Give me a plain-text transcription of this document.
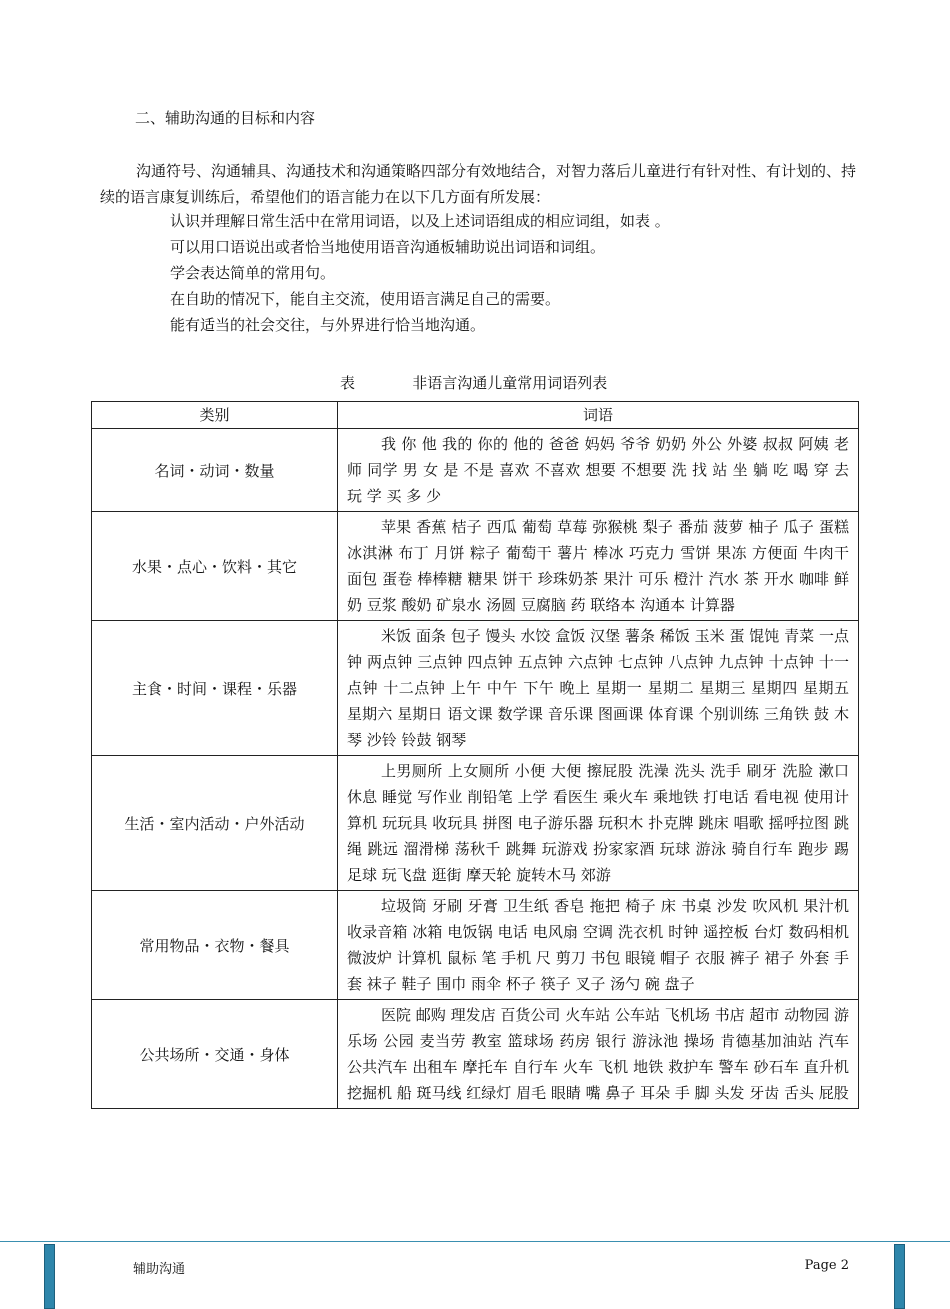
二、辅助沟通的目标和内容
沟通符号、沟通辅具、沟通技术和沟通策略四部分有效地结合，对智力落后儿童进行有针对性、有计划的、持续的语言康复训练后，希望他们的语言能力在以下几方面有所发展：
认识并理解日常生活中在常用词语，以及上述词语组成的相应词组，如表 。
可以用口语说出或者恰当地使用语音沟通板辅助说出词语和词组。
学会表达简单的常用句。
在自助的情况下，能自主交流，使用语言满足自己的需要。
能有适当的社会交往，与外界进行恰当地沟通。
表            非语言沟通儿童常用词语列表
类别	词语
名词・动词・数量	我 你 他 我的 你的 他的 爸爸 妈妈 爷爷 奶奶 外公 外婆 叔叔 阿姨 老师 同学 男 女 是 不是 喜欢 不喜欢 想要 不想要 洗 找 站 坐 躺 吃 喝 穿 去 玩 学 买 多 少
水果・点心・饮料・其它	苹果 香蕉 桔子 西瓜 葡萄 草莓 弥猴桃 梨子 番茄 菠萝 柚子 瓜子 蛋糕 冰淇淋 布丁 月饼 粽子 葡萄干 薯片 棒冰 巧克力 雪饼 果冻 方便面 牛肉干 面包 蛋卷 棒棒糖 糖果 饼干 珍珠奶茶 果汁 可乐 橙汁 汽水 茶 开水 咖啡 鲜奶 豆浆 酸奶 矿泉水 汤圆 豆腐脑 药 联络本 沟通本 计算器
主食・时间・课程・乐器	米饭 面条 包子 馒头 水饺 盒饭 汉堡 薯条 稀饭 玉米 蛋 馄饨 青菜 一点钟 两点钟 三点钟 四点钟 五点钟 六点钟 七点钟 八点钟 九点钟 十点钟 十一点钟 十二点钟 上午 中午 下午 晚上 星期一 星期二 星期三 星期四 星期五 星期六 星期日 语文课 数学课 音乐课 图画课 体育课 个别训练 三角铁 鼓 木琴 沙铃 铃鼓 钢琴
生活・室内活动・户外活动	上男厕所 上女厕所 小便 大便 擦屁股 洗澡 洗头 洗手 刷牙 洗脸 漱口 休息 睡觉 写作业 削铅笔 上学 看医生 乘火车 乘地铁 打电话 看电视 使用计算机 玩玩具 收玩具 拼图 电子游乐器 玩积木 扑克牌 跳床 唱歌 摇呼拉图 跳绳 跳远 溜滑梯 荡秋千 跳舞 玩游戏 扮家家酒 玩球 游泳 骑自行车 跑步 踢足球 玩飞盘 逛街 摩天轮 旋转木马 郊游
常用物品・衣物・餐具	垃圾筒 牙刷 牙膏 卫生纸 香皂 拖把 椅子 床 书桌 沙发 吹风机 果汁机 收录音箱 冰箱 电饭锅 电话 电风扇 空调 洗衣机 时钟 遥控板 台灯 数码相机 微波炉 计算机 鼠标 笔 手机 尺 剪刀 书包 眼镜 帽子 衣服 裤子 裙子 外套 手套 袜子 鞋子 围巾 雨伞 杯子 筷子 叉子 汤勺 碗 盘子
公共场所・交通・身体	医院 邮购 理发店 百货公司 火车站 公车站 飞机场 书店 超市 动物园 游乐场 公园 麦当劳 教室 篮球场 药房 银行 游泳池 操场 肯德基加油站 汽车 公共汽车 出租车 摩托车 自行车 火车 飞机 地铁 救护车 警车 砂石车 直升机 挖掘机 船 斑马线 红绿灯 眉毛 眼睛 嘴 鼻子 耳朵 手 脚 头发 牙齿 舌头 屁股
辅助沟通	Page 2
